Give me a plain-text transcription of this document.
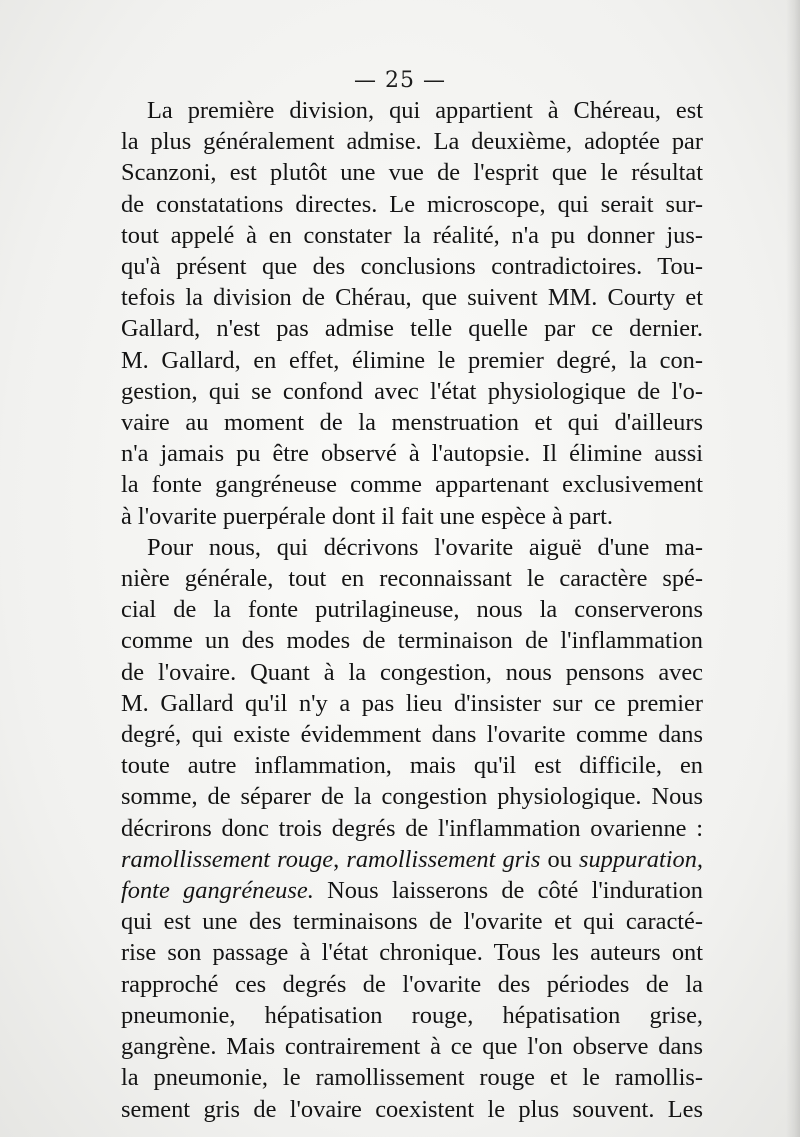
— 25 —
La première division, qui appartient à Chéreau, est
la plus généralement admise. La deuxième, adoptée par
Scanzoni, est plutôt une vue de l'esprit que le résultat
de constatations directes. Le microscope, qui serait sur-
tout appelé à en constater la réalité, n'a pu donner jus-
qu'à présent que des conclusions contradictoires. Tou-
tefois la division de Chérau, que suivent MM. Courty et
Gallard, n'est pas admise telle quelle par ce dernier.
M. Gallard, en effet, élimine le premier degré, la con-
gestion, qui se confond avec l'état physiologique de l'o-
vaire au moment de la menstruation et qui d'ailleurs
n'a jamais pu être observé à l'autopsie. Il élimine aussi
la fonte gangréneuse comme appartenant exclusivement
à l'ovarite puerpérale dont il fait une espèce à part.
Pour nous, qui décrivons l'ovarite aiguë d'une ma-
nière générale, tout en reconnaissant le caractère spé-
cial de la fonte putrilagineuse, nous la conserverons
comme un des modes de terminaison de l'inflammation
de l'ovaire. Quant à la congestion, nous pensons avec
M. Gallard qu'il n'y a pas lieu d'insister sur ce premier
degré, qui existe évidemment dans l'ovarite comme dans
toute autre inflammation, mais qu'il est difficile, en
somme, de séparer de la congestion physiologique. Nous
décrirons donc trois degrés de l'inflammation ovarienne :
ramollissement rouge, ramollissement gris ou suppuration,
fonte gangréneuse. Nous laisserons de côté l'induration
qui est une des terminaisons de l'ovarite et qui caracté-
rise son passage à l'état chronique. Tous les auteurs ont
rapproché ces degrés de l'ovarite des périodes de la
pneumonie, hépatisation rouge, hépatisation grise,
gangrène. Mais contrairement à ce que l'on observe dans
la pneumonie, le ramollissement rouge et le ramollis-
sement gris de l'ovaire coexistent le plus souvent. Les
